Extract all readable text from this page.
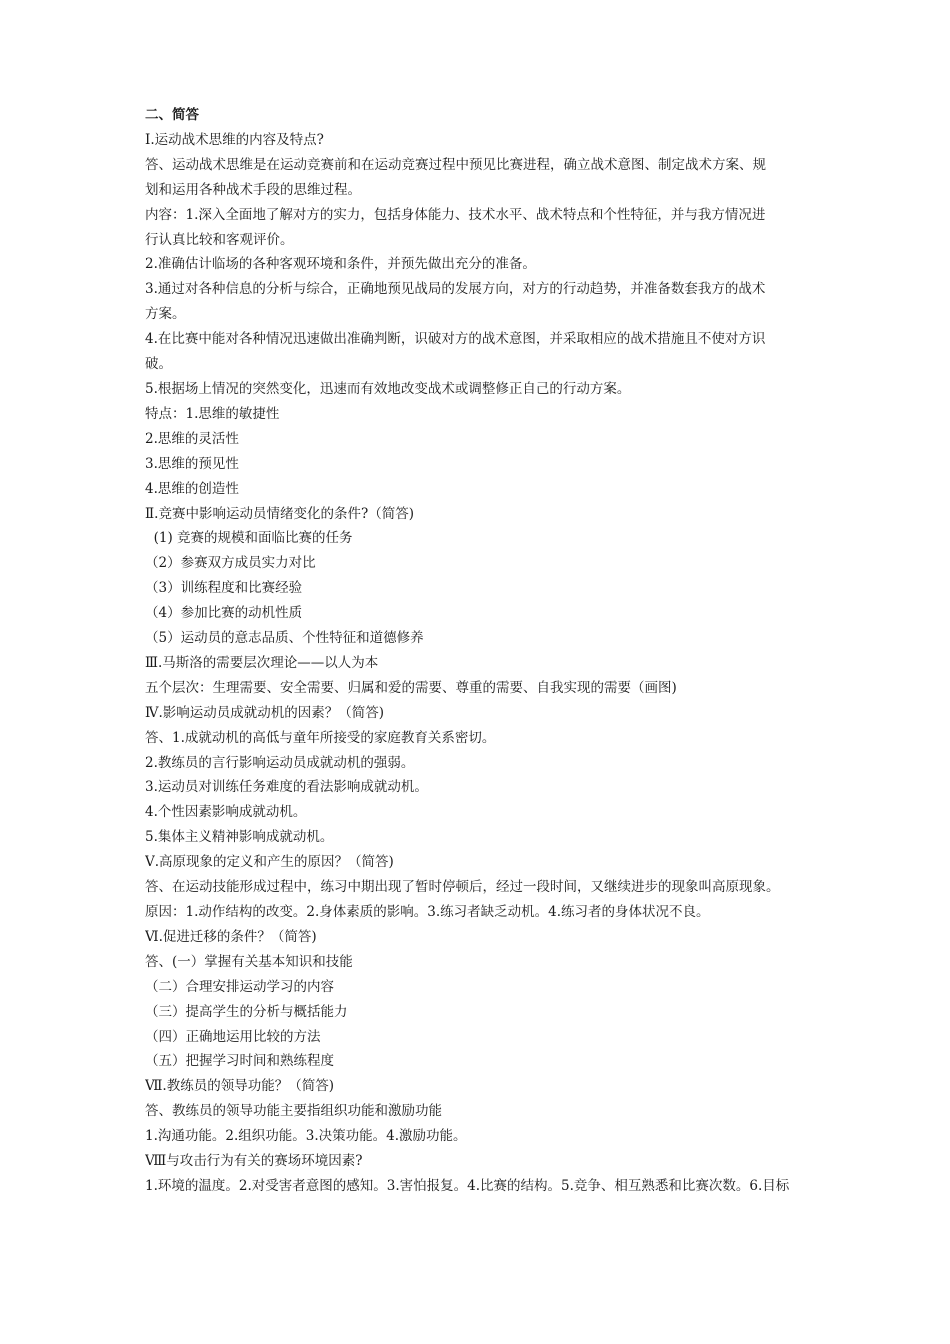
二、简答

Ⅰ.运动战术思维的内容及特点?

答、运动战术思维是在运动竞赛前和在运动竞赛过程中预见比赛进程，确立战术意图、制定战术方案、规

划和运用各种战术手段的思维过程。

内容：1.深入全面地了解对方的实力，包括身体能力、技术水平、战术特点和个性特征，并与我方情况进

行认真比较和客观评价。

2.准确估计临场的各种客观环境和条件，并预先做出充分的准备。

3.通过对各种信息的分析与综合，正确地预见战局的发展方向，对方的行动趋势，并准备数套我方的战术

方案。

4.在比赛中能对各种情况迅速做出准确判断，识破对方的战术意图，并采取相应的战术措施且不使对方识

破。

5.根据场上情况的突然变化，迅速而有效地改变战术或调整修正自己的行动方案。

特点：1.思维的敏捷性

2.思维的灵活性

3.思维的预见性

4.思维的创造性

Ⅱ.竞赛中影响运动员情绪变化的条件?（简答)

(1) 竞赛的规模和面临比赛的任务

（2）参赛双方成员实力对比

（3）训练程度和比赛经验

（4）参加比赛的动机性质

（5）运动员的意志品质、个性特征和道德修养

Ⅲ.马斯洛的需要层次理论——以人为本

五个层次：生理需要、安全需要、归属和爱的需要、尊重的需要、自我实现的需要（画图)

Ⅳ.影响运动员成就动机的因素？（简答)

答、1.成就动机的高低与童年所接受的家庭教育关系密切。

2.教练员的言行影响运动员成就动机的强弱。

3.运动员对训练任务难度的看法影响成就动机。

4.个性因素影响成就动机。

5.集体主义精神影响成就动机。

Ⅴ.高原现象的定义和产生的原因？（简答)

答、在运动技能形成过程中，练习中期出现了暂时停顿后，经过一段时间，又继续进步的现象叫高原现象。

原因：1.动作结构的改变。2.身体素质的影响。3.练习者缺乏动机。4.练习者的身体状况不良。

Ⅵ.促进迁移的条件？（简答)

答、(一）掌握有关基本知识和技能

（二）合理安排运动学习的内容

（三）提高学生的分析与概括能力

（四）正确地运用比较的方法

（五）把握学习时间和熟练程度

Ⅶ.教练员的领导功能？（简答)

答、教练员的领导功能主要指组织功能和激励功能

1.沟通功能。2.组织功能。3.决策功能。4.激励功能。

Ⅷ与攻击行为有关的赛场环境因素?

1.环境的温度。2.对受害者意图的感知。3.害怕报复。4.比赛的结构。5.竞争、相互熟悉和比赛次数。6.目标
